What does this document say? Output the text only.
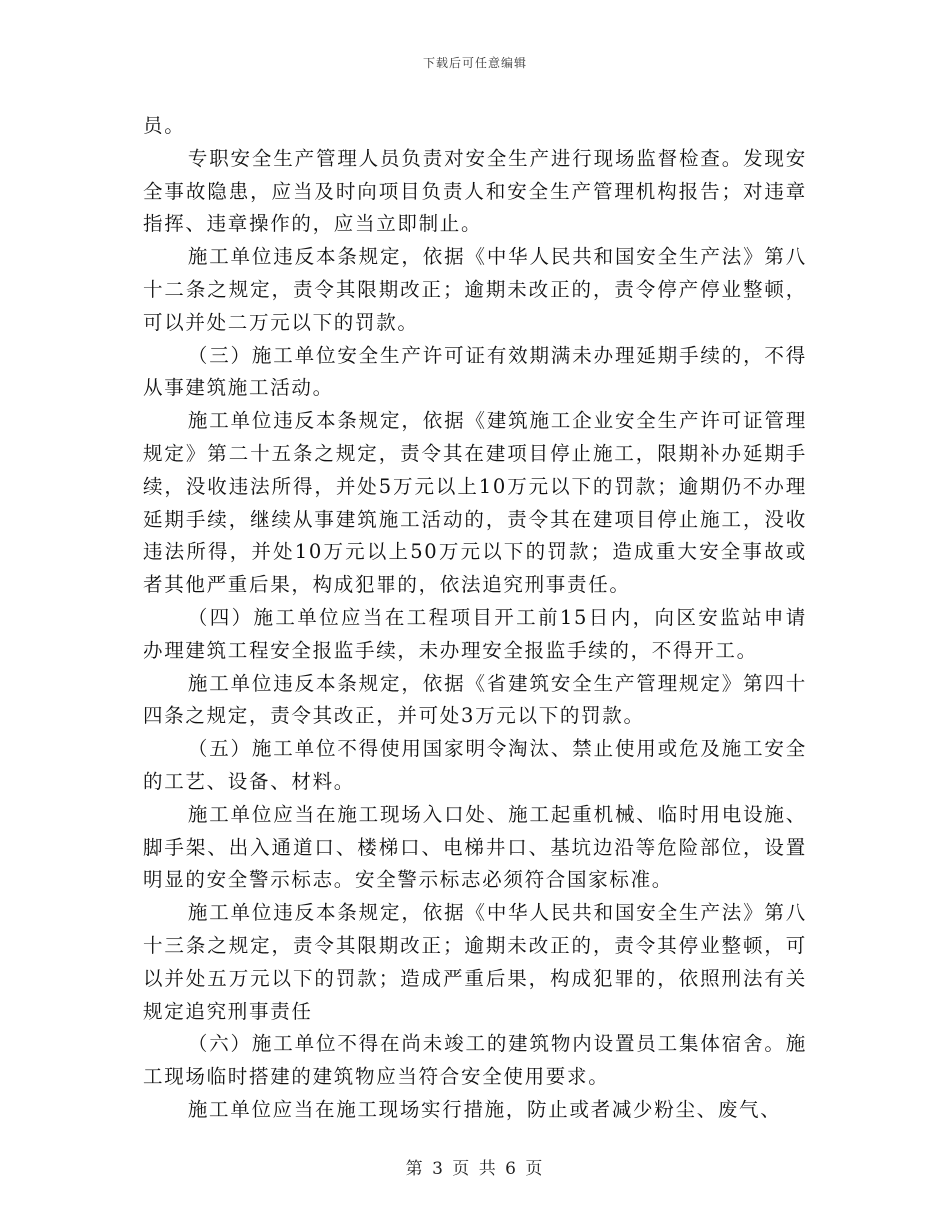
下载后可任意编辑

员。

专职安全生产管理人员负责对安全生产进行现场监督检查。发现安全事故隐患，应当及时向项目负责人和安全生产管理机构报告；对违章指挥、违章操作的，应当立即制止。

施工单位违反本条规定，依据《中华人民共和国安全生产法》第八十二条之规定，责令其限期改正；逾期未改正的，责令停产停业整顿，可以并处二万元以下的罚款。

（三）施工单位安全生产许可证有效期满未办理延期手续的，不得从事建筑施工活动。

施工单位违反本条规定，依据《建筑施工企业安全生产许可证管理规定》第二十五条之规定，责令其在建项目停止施工，限期补办延期手续，没收违法所得，并处5万元以上10万元以下的罚款；逾期仍不办理延期手续，继续从事建筑施工活动的，责令其在建项目停止施工，没收违法所得，并处10万元以上50万元以下的罚款；造成重大安全事故或者其他严重后果，构成犯罪的，依法追究刑事责任。

（四）施工单位应当在工程项目开工前15日内，向区安监站申请办理建筑工程安全报监手续，未办理安全报监手续的，不得开工。

施工单位违反本条规定，依据《省建筑安全生产管理规定》第四十四条之规定，责令其改正，并可处3万元以下的罚款。

（五）施工单位不得使用国家明令淘汰、禁止使用或危及施工安全的工艺、设备、材料。

施工单位应当在施工现场入口处、施工起重机械、临时用电设施、脚手架、出入通道口、楼梯口、电梯井口、基坑边沿等危险部位，设置明显的安全警示标志。安全警示标志必须符合国家标准。

施工单位违反本条规定，依据《中华人民共和国安全生产法》第八十三条之规定，责令其限期改正；逾期未改正的，责令其停业整顿，可以并处五万元以下的罚款；造成严重后果，构成犯罪的，依照刑法有关规定追究刑事责任

（六）施工单位不得在尚未竣工的建筑物内设置员工集体宿舍。施工现场临时搭建的建筑物应当符合安全使用要求。

施工单位应当在施工现场实行措施，防止或者减少粉尘、废气、

第 3 页 共 6 页
